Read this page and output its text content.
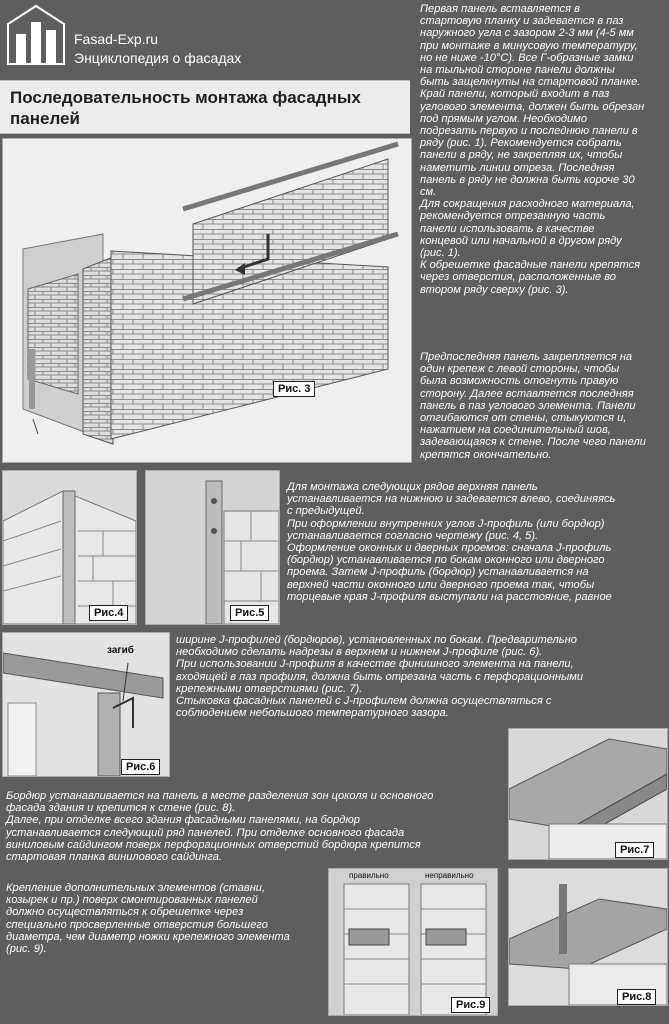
Fasad-Exp.ru
Энциклопедия о фасадах
Последовательность монтажа фасадных панелей
Первая панель вставляется в
стартовую планку и задевается в паз
наружного угла с зазором 2-3 мм (4-5 мм
при монтаже в минусовую температуру,
но не ниже -10°С). Все Г-образные замки
на тыльной стороне панели должны
быть защелкнуты на стартовой планке.
Край панели, который входит в паз
углового элемента, должен быть обрезан
под прямым углом. Необходимо
подрезать первую и последнюю панели в
ряду (рис. 1). Рекомендуется собрать
панели в ряду, не закрепляя их, чтобы
наметить линии отреза. Последняя
панель в ряду не должна быть короче 30
см.
Для сокращения расходного материала,
рекомендуется отрезанную часть
панели использовать в качестве
концевой или начальной в другом ряду
(рис. 1).
К обрешетке фасадные панели крепятся
через отверстия, расположенные во
втором ряду сверху (рис. 3).
Предпоследняя панель закрепляется на
один крепеж с левой стороны, чтобы
была возможность отогнуть правую
сторону. Далее вставляется последняя
панель в паз углового элемента. Панели
отгибаются от стены, стыкуются и,
нажатием на соединительный шов,
задевающаяся к стене. После чего панели
крепятся окончательно.
Рис. 3
Рис.4	Рис.5
Для монтажа следующих рядов верхняя панель
устанавливается на нижнюю и задевается влево, соединяясь
с предыдущей.
При оформлении внутренних углов J-профиль (или бордюр)
устанавливается согласно чертежу (рис. 4, 5).
Оформление оконных и дверных проемов: сначала J-профиль
(бордюр) устанавливается по бокам оконного или дверного
проема. Затем J-профиль (бордюр) устанавливается на
верхней части оконного или дверного проема так, чтобы
торцевые края J-профиля выступали на расстояние, равное
загиб
Рис.6
ширине J-профилей (бордюров), установленных по бокам. Предварительно
необходимо сделать надрезы в верхнем и нижнем J-профиле (рис. 6).
При использовании J-профиля в качестве финишного элемента на панели,
входящей в паз профиля, должна быть отрезана часть с перфорационными
крепежными отверстиями (рис. 7).
Стыковка фасадных панелей с J-профилем должна осуществляться с
соблюдением небольшого температурного зазора.
Рис.7
Бордюр устанавливается на панель в месте разделения зон цоколя и основного
фасада здания и крепится к стене (рис. 8).
Далее, при отделке всего здания фасадными панелями, на бордюр
устанавливается следующий ряд панелей. При отделке основного фасада
виниловым сайдингом поверх перфорационных отверстий бордюра крепится
стартовая планка винилового сайдинга.
Крепление дополнительных элементов (ставни,
козырек и пр.) поверх смонтированных панелей
должно осуществляться к обрешетке через
специально просверленные отверстия большего
диаметра, чем диаметр ножки крепежного элемента
(рис. 9).
правильно	неправильно
Рис.9
Рис.8
